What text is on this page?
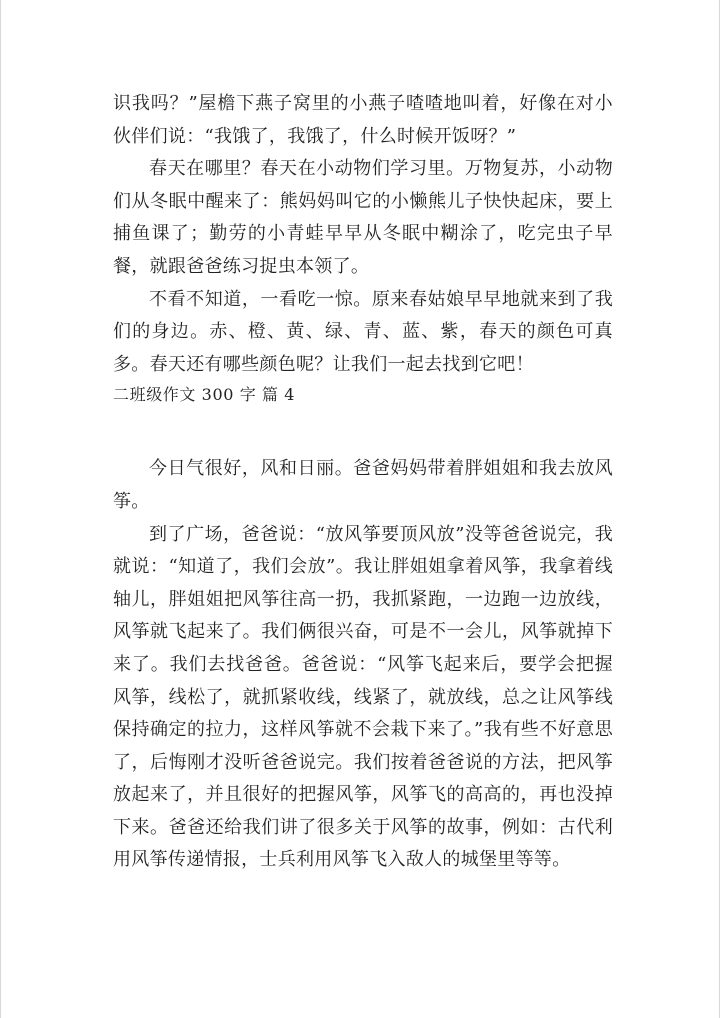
识我吗？”屋檐下燕子窝里的小燕子喳喳地叫着，好像在对小伙伴们说：“我饿了，我饿了，什么时候开饭呀？”

春天在哪里？春天在小动物们学习里。万物复苏，小动物们从冬眠中醒来了：熊妈妈叫它的小懒熊儿子快快起床，要上捕鱼课了；勤劳的小青蛙早早从冬眠中糊涂了，吃完虫子早餐，就跟爸爸练习捉虫本领了。

不看不知道，一看吃一惊。原来春姑娘早早地就来到了我们的身边。赤、橙、黄、绿、青、蓝、紫，春天的颜色可真多。春天还有哪些颜色呢？让我们一起去找到它吧！

二班级作文 300 字 篇 4

今日气很好，风和日丽。爸爸妈妈带着胖姐姐和我去放风筝。

到了广场，爸爸说：“放风筝要顶风放”没等爸爸说完，我就说：“知道了，我们会放”。我让胖姐姐拿着风筝，我拿着线轴儿，胖姐姐把风筝往高一扔，我抓紧跑，一边跑一边放线，风筝就飞起来了。我们俩很兴奋，可是不一会儿，风筝就掉下来了。我们去找爸爸。爸爸说：“风筝飞起来后，要学会把握风筝，线松了，就抓紧收线，线紧了，就放线，总之让风筝线保持确定的拉力，这样风筝就不会栽下来了。”我有些不好意思了，后悔刚才没听爸爸说完。我们按着爸爸说的方法，把风筝放起来了，并且很好的把握风筝，风筝飞的高高的，再也没掉下来。爸爸还给我们讲了很多关于风筝的故事，例如：古代利用风筝传递情报，士兵利用风筝飞入敌人的城堡里等等。
